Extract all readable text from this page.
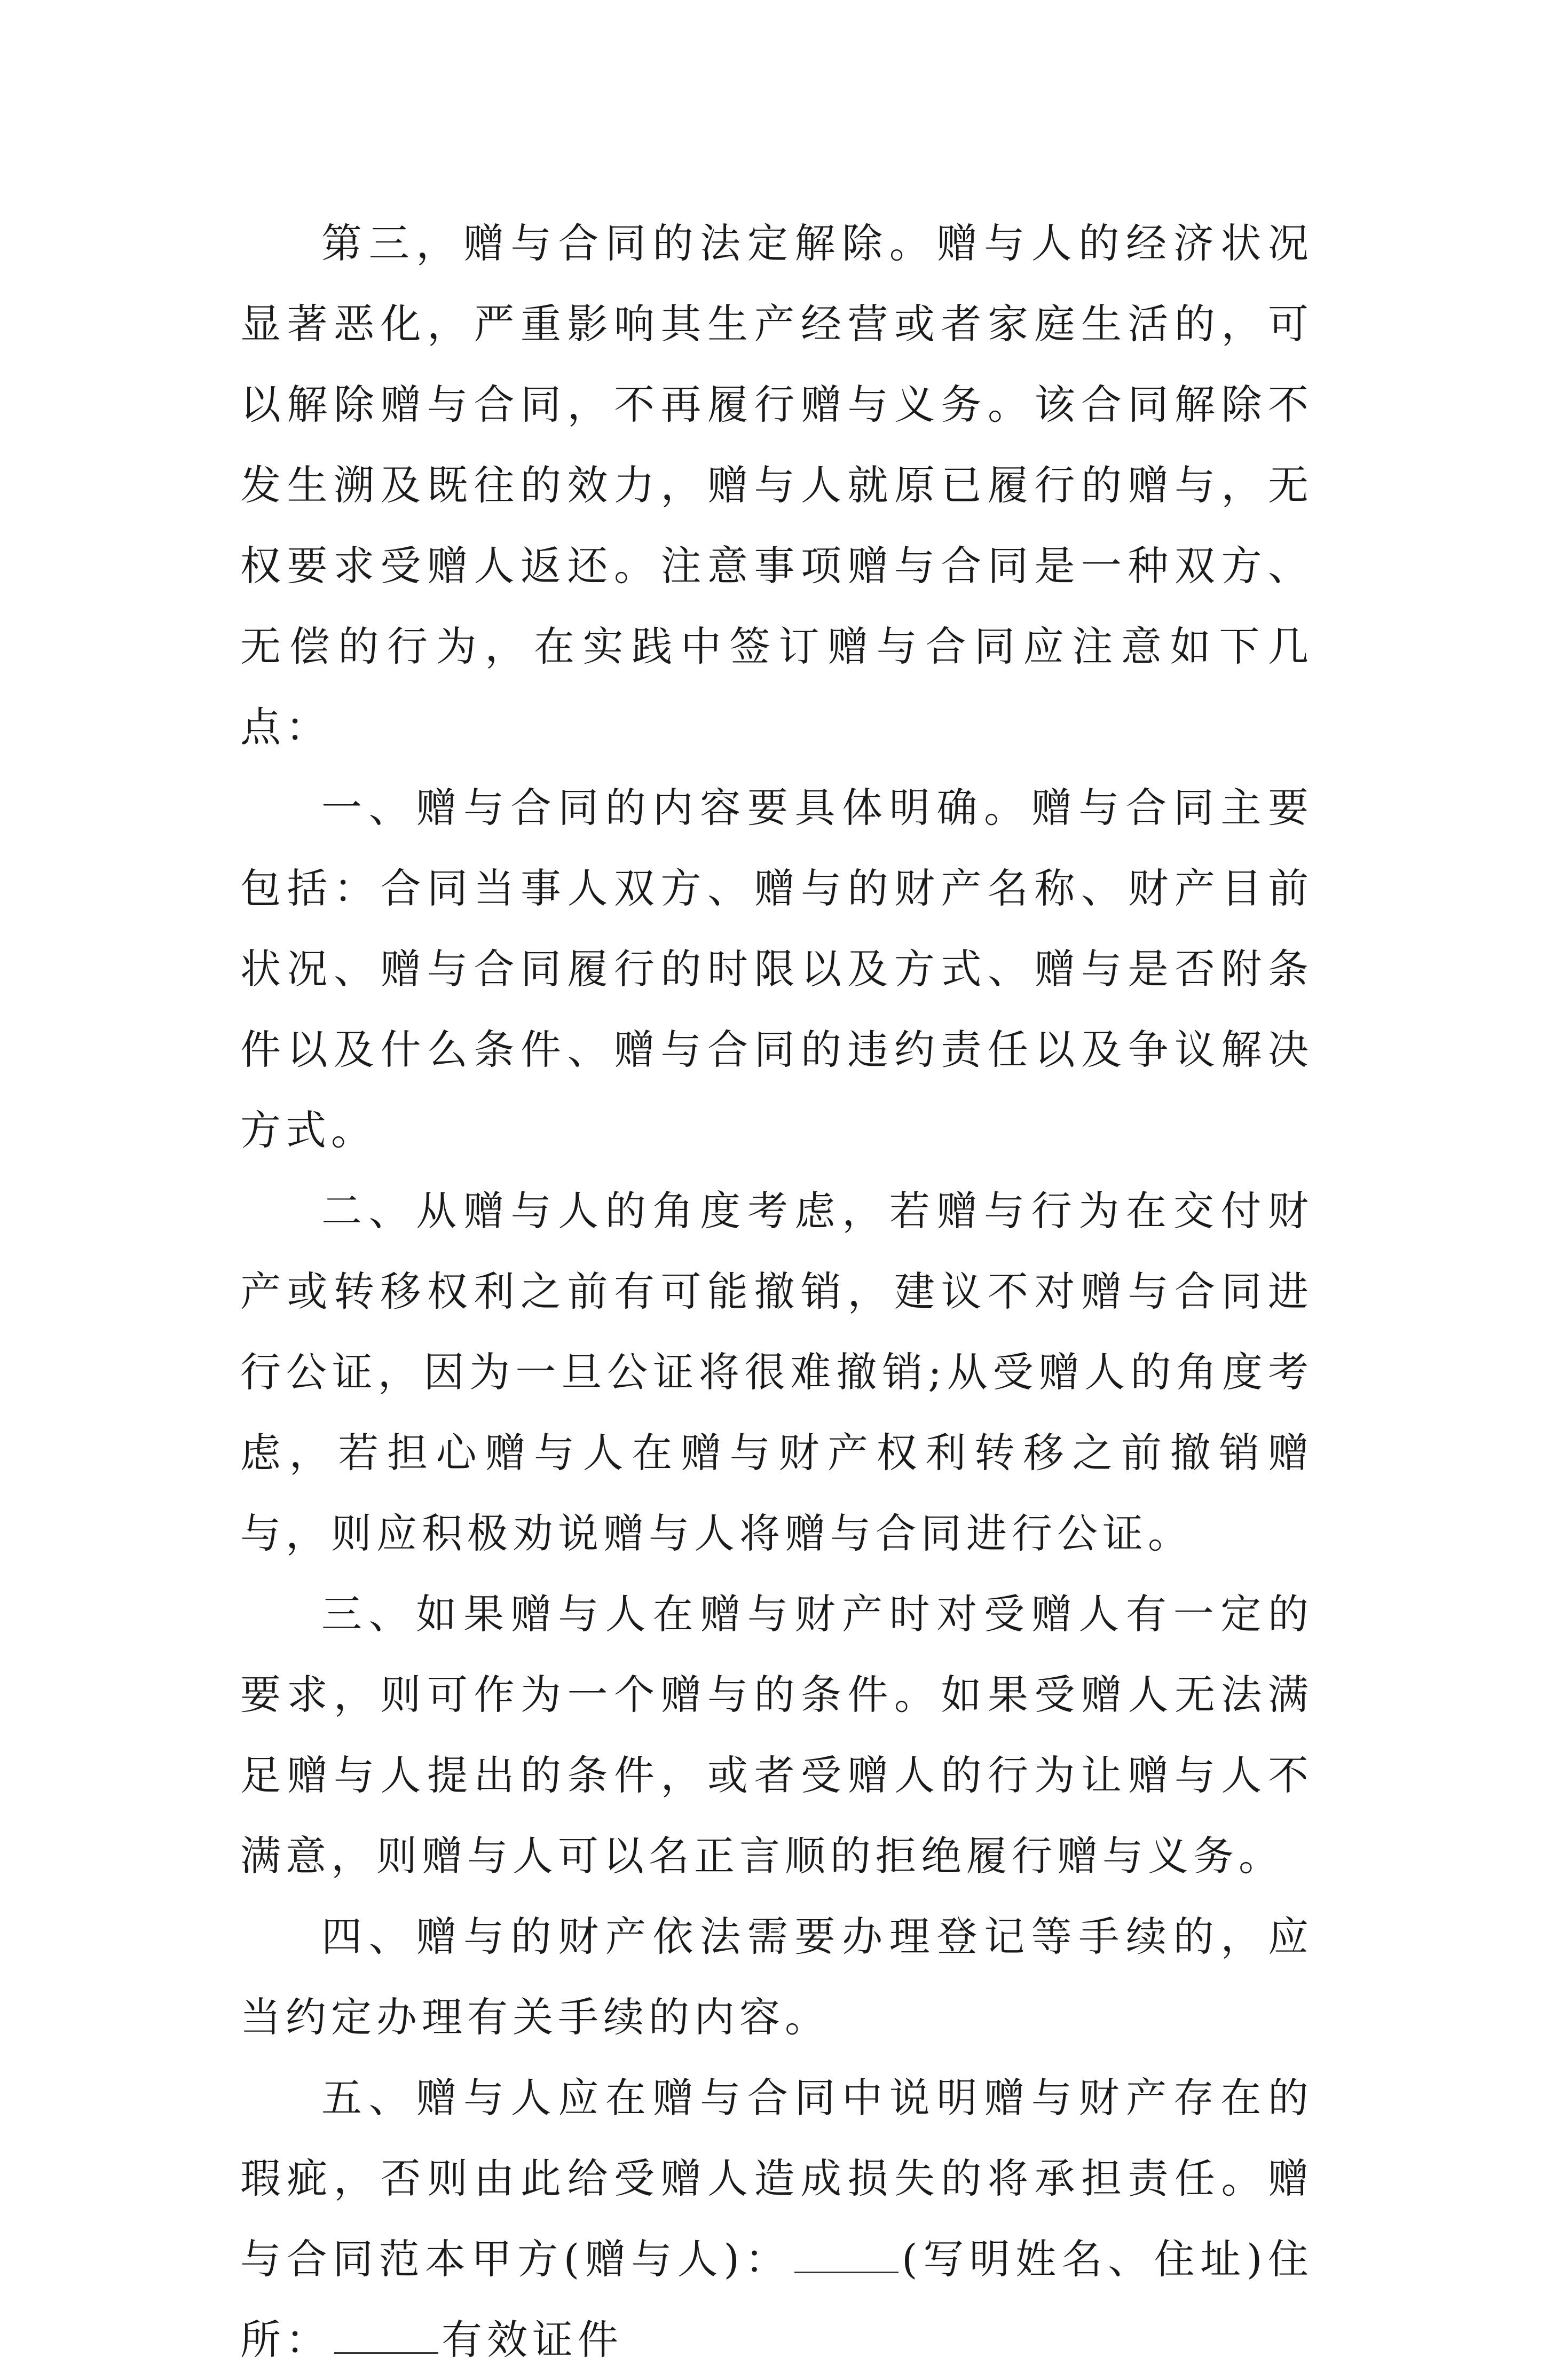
第三，赠与合同的法定解除。赠与人的经济状况显著恶化，严重影响其生产经营或者家庭生活的，可以解除赠与合同，不再履行赠与义务。该合同解除不发生溯及既往的效力，赠与人就原已履行的赠与，无权要求受赠人返还。注意事项赠与合同是一种双方、无偿的行为，在实践中签订赠与合同应注意如下几点：

一、赠与合同的内容要具体明确。赠与合同主要包括：合同当事人双方、赠与的财产名称、财产目前状况、赠与合同履行的时限以及方式、赠与是否附条件以及什么条件、赠与合同的违约责任以及争议解决方式。

二、从赠与人的角度考虑，若赠与行为在交付财产或转移权利之前有可能撤销，建议不对赠与合同进行公证，因为一旦公证将很难撤销;从受赠人的角度考虑，若担心赠与人在赠与财产权利转移之前撤销赠与，则应积极劝说赠与人将赠与合同进行公证。

三、如果赠与人在赠与财产时对受赠人有一定的要求，则可作为一个赠与的条件。如果受赠人无法满足赠与人提出的条件，或者受赠人的行为让赠与人不满意，则赠与人可以名正言顺的拒绝履行赠与义务。

四、赠与的财产依法需要办理登记等手续的，应当约定办理有关手续的内容。

五、赠与人应在赠与合同中说明赠与财产存在的瑕疵，否则由此给受赠人造成损失的将承担责任。赠与合同范本甲方(赠与人)：	(写明姓名、住址)住所：	有效证件
